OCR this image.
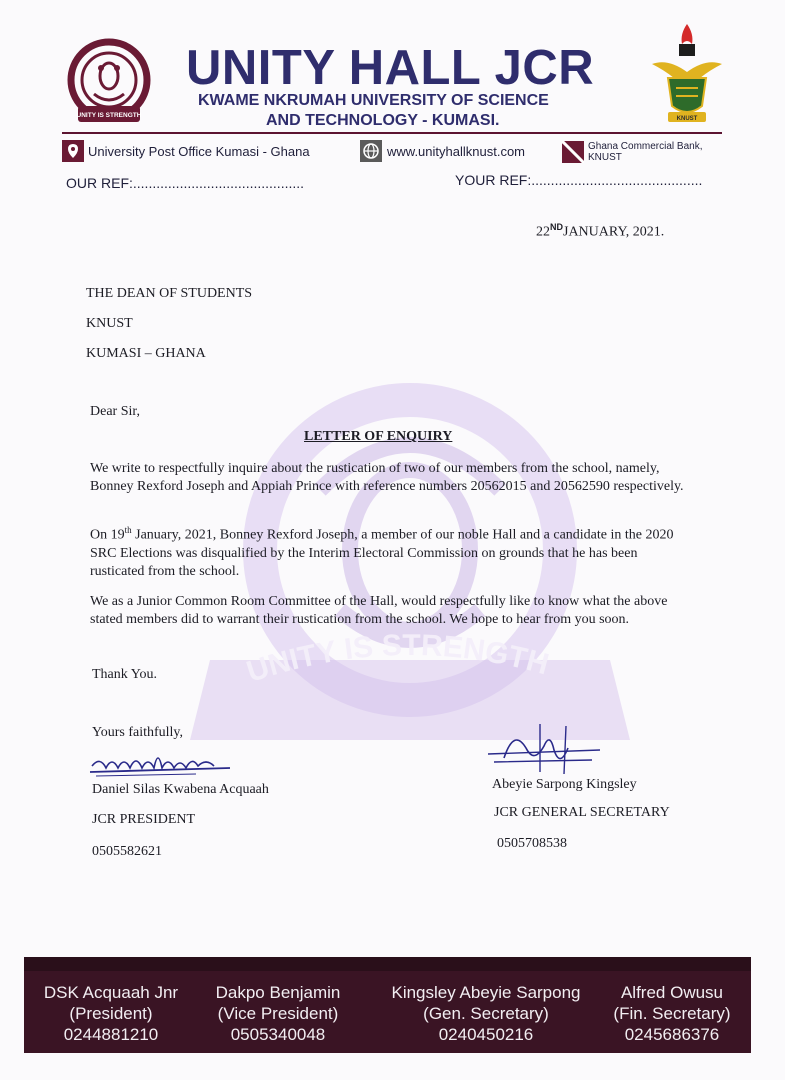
UNITY IS STRENGTH
UNITY IS STRENGTH
UNITY HALL JCR
KWAME NKRUMAH UNIVERSITY OF SCIENCE
AND TECHNOLOGY - KUMASI.	KNUST
University Post Office Kumasi - Ghana	www.unityhallknust.com	Ghana Commercial Bank,
KNUST
OUR REF:............................................	YOUR REF:............................................
22NDJANUARY, 2021.
THE DEAN OF STUDENTS
KNUST
KUMASI – GHANA
Dear Sir,
LETTER OF ENQUIRY
We write to respectfully inquire about the rustication of two of our members from the school, namely, Bonney Rexford Joseph and Appiah Prince with reference numbers 20562015 and 20562590 respectively.
On 19th January, 2021, Bonney Rexford Joseph, a member of our noble Hall and a candidate in the 2020 SRC Elections was disqualified by the Interim Electoral Commission on grounds that he has been rusticated from the school.
We as a Junior Common Room Committee of the Hall, would respectfully like to know what the above stated members did to warrant their rustication from the school. We hope to hear from you soon.
Thank You.
Yours faithfully,
Daniel Silas Kwabena Acquaah
JCR PRESIDENT
0505582621
Abeyie Sarpong Kingsley
JCR GENERAL SECRETARY
0505708538
DSK Acquaah Jnr
(President)
0244881210
Dakpo Benjamin
(Vice President)
0505340048
Kingsley Abeyie Sarpong
(Gen. Secretary)
0240450216
Alfred Owusu
(Fin. Secretary)
0245686376
